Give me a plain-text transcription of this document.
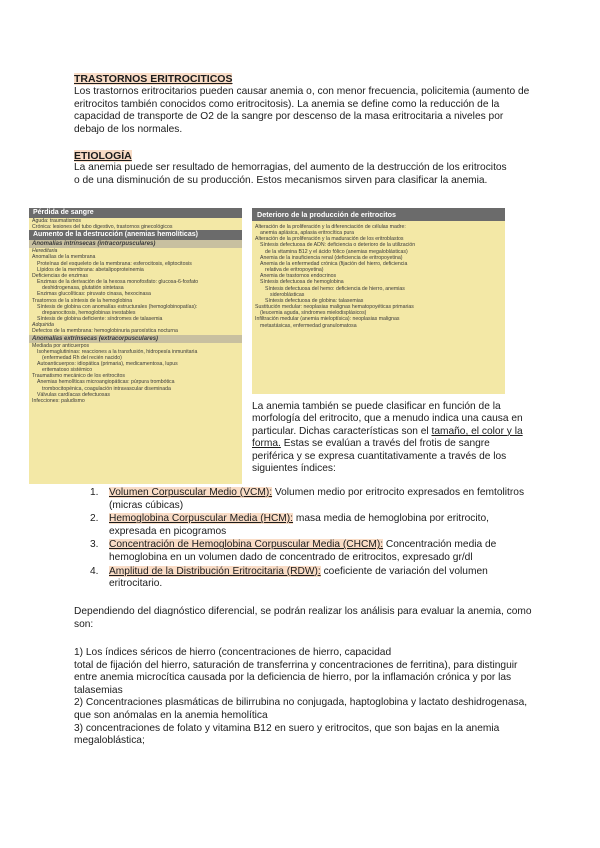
TRASTORNOS ERITROCITICOS

Los trastornos eritrocitarios pueden causar anemia o, con menor frecuencia, policitemia (aumento de eritrocitos también conocidos como eritrocitosis). La anemia se define como la reducción de la capacidad de transporte de O2 de la sangre por descenso de la masa eritrocitaria a niveles por debajo de los normales.

ETIOLOGÍA

La anemia puede ser resultado de hemorragias, del aumento de la destrucción de los eritrocitos o de una disminución de su producción. Estos mecanismos sirven para clasificar la anemia.

Pérdida de sangre
Aguda: traumatismos
Crónica: lesiones del tubo digestivo, trastornos ginecológicos
Aumento de la destrucción (anemias hemolíticas)
Anomalías intrínsecas (intracorpusculares)
Hereditaria
Anomalías de la membrana
Proteínas del esqueleto de la membrana: esferocitosis, eliptocitosis
Lípidos de la membrana: abetalipoproteinemia
Deficiencias de enzimas
Enzimas de la derivación de la hexosa monofosfato: glucosa-6-fosfato
deshidrogenasa, glutatión sintetasa
Enzimas glucolíticas: piruvato cinasa, hexocinasa
Trastornos de la síntesis de la hemoglobina
Síntesis de globina con anomalías estructurales (hemoglobinopatías):
drepanocitosis, hemoglobinas inestables
Síntesis de globina deficiente: síndromes de talasemia
Adquirida
Defectos de la membrana: hemoglobinuria paroxística nocturna
Anomalías extrínsecas (extracorpusculares)
Mediada por anticuerpos
Isohemaglutininas: reacciones a la transfusión, hidropesía inmunitaria
(enfermedad Rh del recién nacido)
Autoanticuerpos: idiopática (primaria), medicamentosa, lupus
eritematoso sistémico
Traumatismo mecánico de los eritrocitos
Anemias hemolíticas microangiopáticas: púrpura trombótica
trombocitopénica, coagulación intravascular diseminada
Válvulas cardíacas defectuosas
Infecciones: paludismo
Deterioro de la producción de eritrocitos
Alteración de la proliferación y la diferenciación de células madre:
anemia aplásica, aplasia eritrocítica pura
Alteración de la proliferación y la maduración de los eritroblastos
Síntesis defectuosa de ADN: deficiencia o deterioro de la utilización
de la vitamina B12 y el ácido fólico (anemias megaloblásticas)
Anemia de la insuficiencia renal (deficiencia de eritropoyetina)
Anemia de la enfermedad crónica (fijación del hierro, deficiencia
relativa de eritropoyetina)
Anemia de trastornos endocrinos
Síntesis defectuosa de hemoglobina
Síntesis defectuosa del hemo: deficiencia de hierro, anemias
sideroblásticas
Síntesis defectuosa de globina: talasemias
Sustitución medular: neoplasias malignas hematopoyéticas primarias
(leucemia aguda, síndromes mielodisplásicos)
Infiltración medular (anemia mieloptísica): neoplasias malignas
metastásicas, enfermedad granulomatosa

La anemia también se puede clasificar en función de la morfología del eritrocito, que a menudo indica una causa en particular. Dichas características son el tamaño, el color y la forma. Estas se evalúan a través del frotis de sangre periférica y se expresa cuantitativamente a través de los siguientes índices:

1. Volumen Corpuscular Medio (VCM): Volumen medio por eritrocito expresados en femtolitros (micras cúbicas)
2. Hemoglobina Corpuscular Media (HCM): masa media de hemoglobina por eritrocito, expresada en picogramos
3. Concentración de Hemoglobina Corpuscular Media (CHCM): Concentración media de hemoglobina en un volumen dado de concentrado de eritrocitos, expresado gr/dl
4. Amplitud de la Distribución Eritrocitaria (RDW): coeficiente de variación del volumen eritrocitario.

Dependiendo del diagnóstico diferencial, se podrán realizar los análisis para evaluar la anemia, como son:

1) Los índices séricos de hierro (concentraciones de hierro, capacidad
total de fijación del hierro, saturación de transferrina y concentraciones de ferritina), para distinguir entre anemia microcítica causada por la deficiencia de hierro, por la inflamación crónica y por las talasemias
2) Concentraciones plasmáticas de bilirrubina no conjugada, haptoglobina y lactato deshidrogenasa, que son anómalas en la anemia hemolítica
3) concentraciones de folato y vitamina B12 en suero y eritrocitos, que son bajas en la anemia megaloblástica;
